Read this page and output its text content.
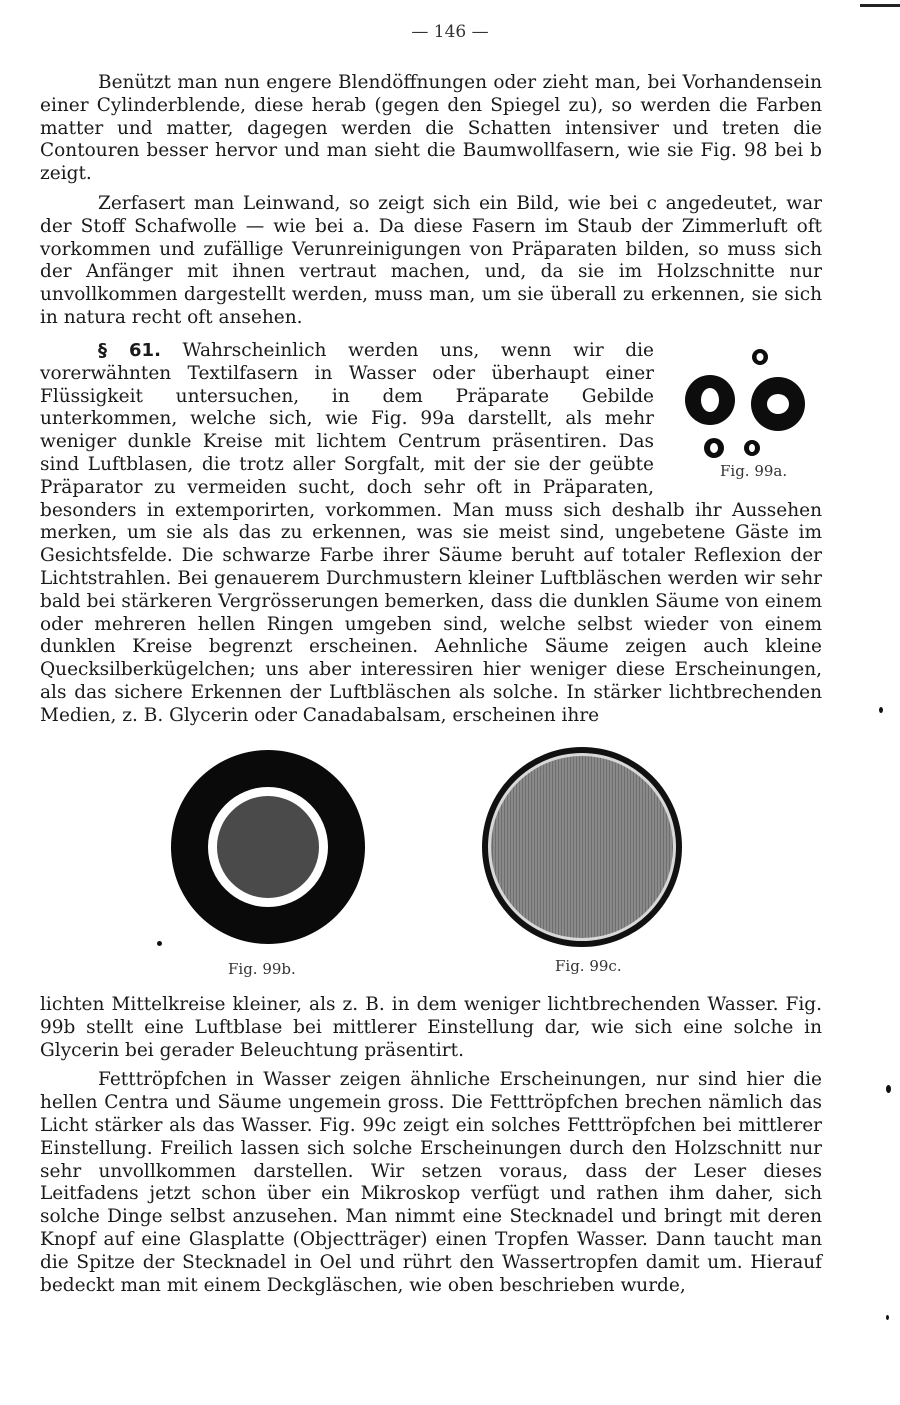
— 146 —

Benützt man nun engere Blendöffnungen oder zieht man, bei Vorhandensein einer Cylinderblende, diese herab (gegen den Spiegel zu), so werden die Farben matter und matter, dagegen werden die Schatten intensiver und treten die Contouren besser hervor und man sieht die Baumwollfasern, wie sie Fig. 98 bei b zeigt.

Zerfasert man Leinwand, so zeigt sich ein Bild, wie bei c angedeutet, war der Stoff Schafwolle — wie bei a. Da diese Fasern im Staub der Zimmerluft oft vorkommen und zufällige Verunreinigungen von Präparaten bilden, so muss sich der Anfänger mit ihnen vertraut machen, und, da sie im Holzschnitte nur unvollkommen dargestellt werden, muss man, um sie überall zu erkennen, sie sich in natura recht oft ansehen.

Fig. 99a.

§ 61. Wahrscheinlich werden uns, wenn wir die vorerwähnten Textilfasern in Wasser oder überhaupt einer Flüssigkeit untersuchen, in dem Präparate Gebilde unterkommen, welche sich, wie Fig. 99a darstellt, als mehr weniger dunkle Kreise mit lichtem Centrum präsentiren. Das sind Luftblasen, die trotz aller Sorgfalt, mit der sie der geübte Präparator zu vermeiden sucht, doch sehr oft in Präparaten, besonders in extemporirten, vorkommen. Man muss sich deshalb ihr Aussehen merken, um sie als das zu erkennen, was sie meist sind, ungebetene Gäste im Gesichtsfelde. Die schwarze Farbe ihrer Säume beruht auf totaler Reflexion der Lichtstrahlen. Bei genauerem Durchmustern kleiner Luftbläschen werden wir sehr bald bei stärkeren Vergrösserungen bemerken, dass die dunklen Säume von einem oder mehreren hellen Ringen umgeben sind, welche selbst wieder von einem dunklen Kreise begrenzt erscheinen. Aehnliche Säume zeigen auch kleine Quecksilberkügelchen; uns aber interessiren hier weniger diese Erscheinungen, als das sichere Erkennen der Luftbläschen als solche. In stärker lichtbrechenden Medien, z. B. Glycerin oder Canadabalsam, erscheinen ihre

Fig. 99b.	Fig. 99c.

lichten Mittelkreise kleiner, als z. B. in dem weniger lichtbrechenden Wasser. Fig. 99b stellt eine Luftblase bei mittlerer Einstellung dar, wie sich eine solche in Glycerin bei gerader Beleuchtung präsentirt.

Fetttröpfchen in Wasser zeigen ähnliche Erscheinungen, nur sind hier die hellen Centra und Säume ungemein gross. Die Fetttröpfchen brechen nämlich das Licht stärker als das Wasser. Fig. 99c zeigt ein solches Fetttröpfchen bei mittlerer Einstellung. Freilich lassen sich solche Erscheinungen durch den Holzschnitt nur sehr unvollkommen darstellen. Wir setzen voraus, dass der Leser dieses Leitfadens jetzt schon über ein Mikroskop verfügt und rathen ihm daher, sich solche Dinge selbst anzusehen. Man nimmt eine Stecknadel und bringt mit deren Knopf auf eine Glasplatte (Objectträger) einen Tropfen Wasser. Dann taucht man die Spitze der Stecknadel in Oel und rührt den Wassertropfen damit um. Hierauf bedeckt man mit einem Deckgläschen, wie oben beschrieben wurde,
